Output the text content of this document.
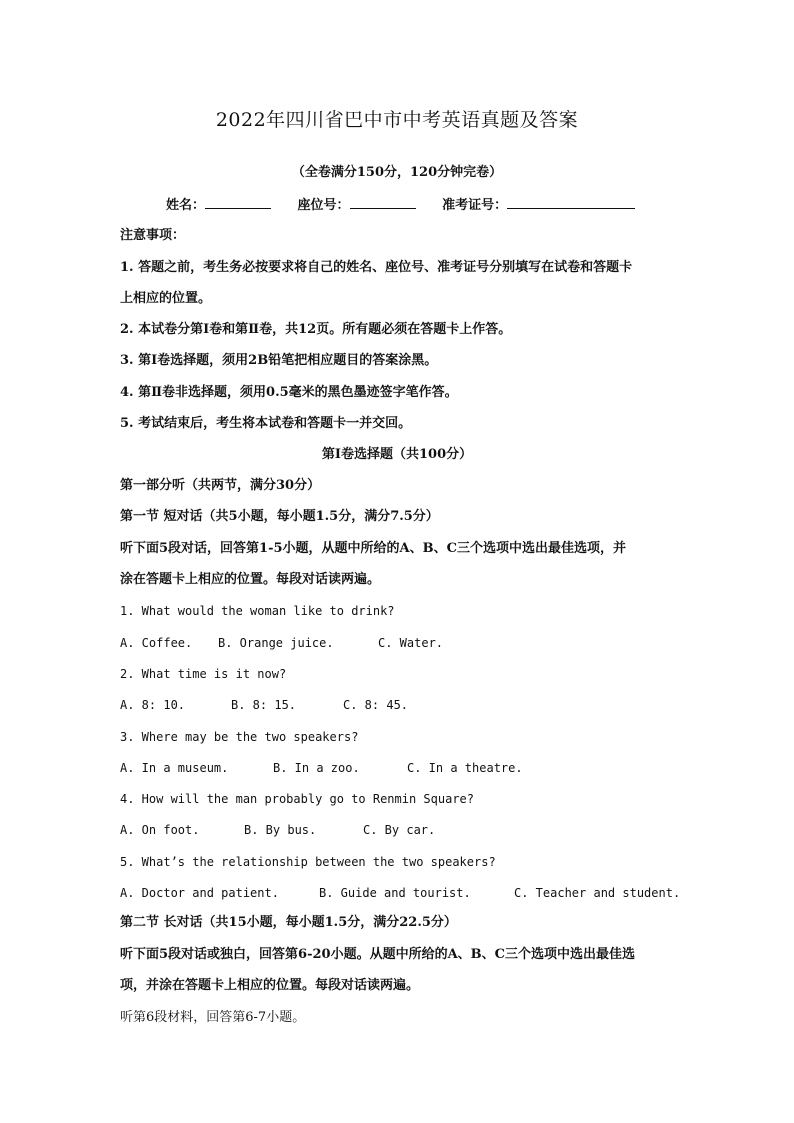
2022年四川省巴中市中考英语真题及答案
（全卷满分150分，120分钟完卷）
姓名：	座位号：	准考证号：
注意事项：
1. 答题之前，考生务必按要求将自己的姓名、座位号、准考证号分别填写在试卷和答题卡
上相应的位置。
2. 本试卷分第Ⅰ卷和第Ⅱ卷，共12页。所有题必须在答题卡上作答。
3. 第Ⅰ卷选择题，须用2B铅笔把相应题目的答案涂黑。
4. 第Ⅱ卷非选择题，须用0.5毫米的黑色墨迹签字笔作答。
5. 考试结束后，考生将本试卷和答题卡一并交回。
第Ⅰ卷选择题（共100分）
第一部分听（共两节，满分30分）
第一节 短对话（共5小题，每小题1.5分，满分7.5分）
听下面5段对话，回答第1-5小题，从题中所给的A、B、C三个选项中选出最佳选项，并
涂在答题卡上相应的位置。每段对话读两遍。
1. What would the woman like to drink?
A. Coffee. B. Orange juice.	C. Water.
2. What time is it now?
A. 8: 10.	B. 8: 15.	C. 8: 45.
3. Where may be the two speakers?
A. In a museum.	B. In a zoo.	C. In a theatre.
4. How will the man probably go to Renmin Square?
A. On foot.	B. By bus.	C. By car.
5. What’s the relationship between the two speakers?
A. Doctor and patient.	B. Guide and tourist.	C. Teacher and student.
第二节 长对话（共15小题，每小题1.5分，满分22.5分）
听下面5段对话或独白，回答第6-20小题。从题中所给的A、B、C三个选项中选出最佳选
项，并涂在答题卡上相应的位置。每段对话读两遍。
听第6段材料，回答第6-7小题。
